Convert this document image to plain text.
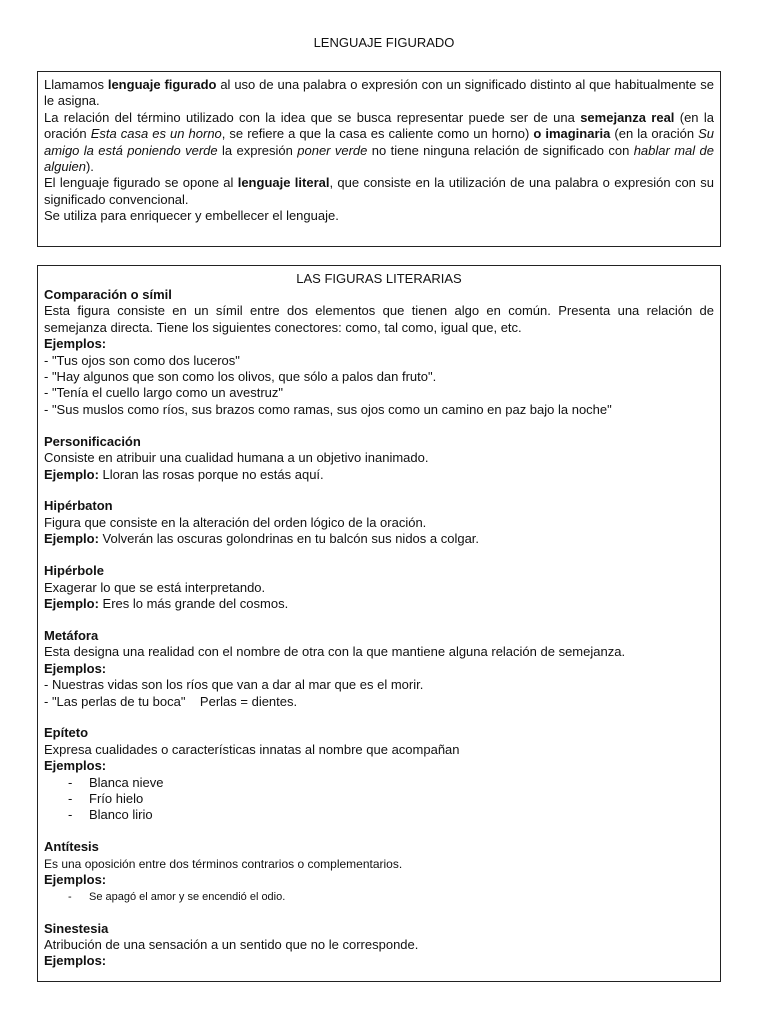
LENGUAJE FIGURADO

Llamamos lenguaje figurado al uso de una palabra o expresión con un significado distinto al que habitualmente se le asigna.

La relación del término utilizado con la idea que se busca representar puede ser de una semejanza real (en la oración Esta casa es un horno, se refiere a que la casa es caliente como un horno) o imaginaria (en la oración Su amigo la está poniendo verde la expresión poner verde no tiene ninguna relación de significado con hablar mal de alguien).

El lenguaje figurado se opone al lenguaje literal, que consiste en la utilización de una palabra o expresión con su significado convencional.

Se utiliza para enriquecer y embellecer el lenguaje.

LAS FIGURAS LITERARIAS
Comparación o símil

Esta figura consiste en un símil entre dos elementos que tienen algo en común. Presenta una relación de semejanza directa. Tiene los siguientes conectores: como, tal como, igual que, etc.

Ejemplos:
- "Tus ojos son como dos luceros"
- "Hay algunos que son como los olivos, que sólo a palos dan fruto".
- "Tenía el cuello largo como un avestruz"
- "Sus muslos como ríos, sus brazos como ramas, sus ojos como un camino en paz bajo la noche"
Personificación

Consiste en atribuir una cualidad humana a un objetivo inanimado.

Ejemplo: Lloran las rosas porque no estás aquí.

Hipérbaton

Figura que consiste en la alteración del orden lógico de la oración.

Ejemplo: Volverán las oscuras golondrinas en tu balcón sus nidos a colgar.

Hipérbole

Exagerar lo que se está interpretando.

Ejemplo: Eres lo más grande del cosmos.

Metáfora

Esta designa una realidad con el nombre de otra con la que mantiene alguna relación de semejanza.

Ejemplos:
- Nuestras vidas son los ríos que van a dar al mar que es el morir.
- "Las perlas de tu boca"    Perlas = dientes.
Epíteto

Expresa cualidades o características innatas al nombre que acompañan

Ejemplos:
- Blanca nieve
- Frío hielo
- Blanco lirio
Antítesis

Es una oposición entre dos términos contrarios o complementarios.

Ejemplos:
- Se apagó el amor y se encendió el odio.
Sinestesia

Atribución de una sensación a un sentido que no le corresponde.

Ejemplos:
